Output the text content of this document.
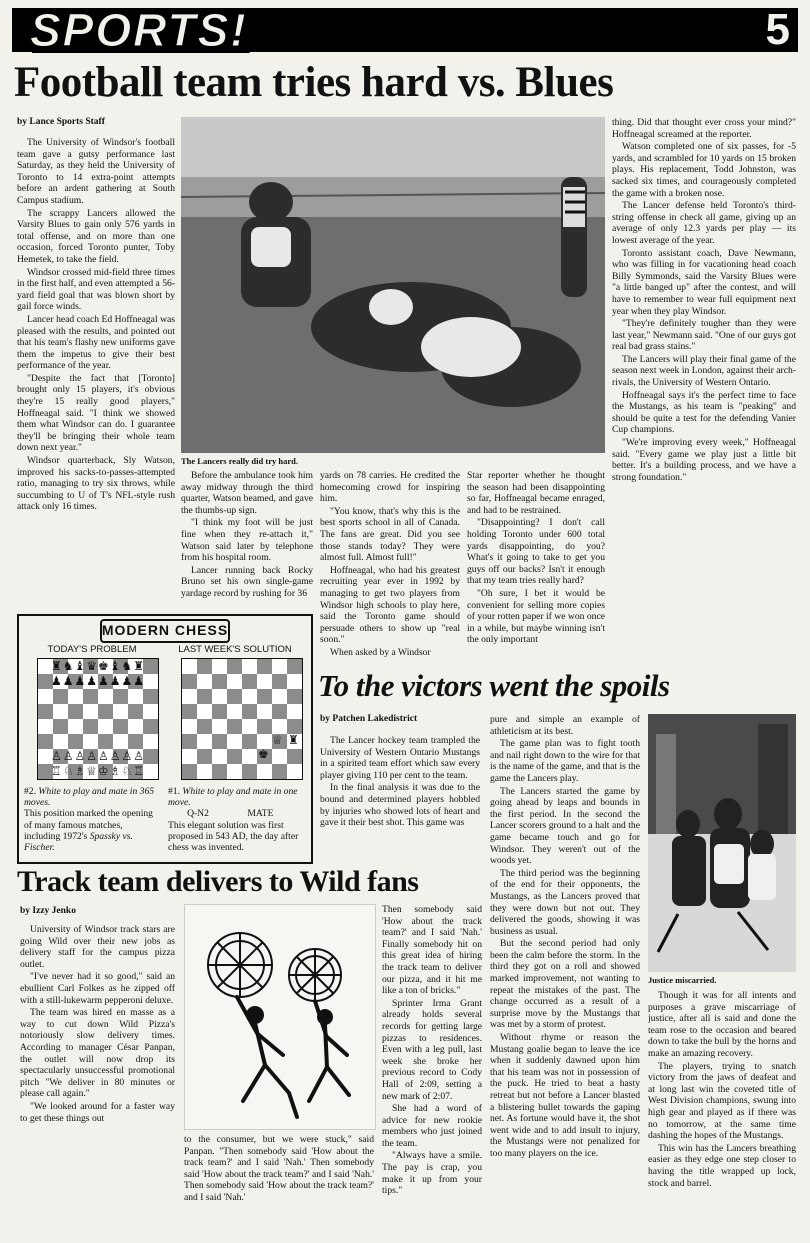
SPORTS!	5
Football team tries hard vs. Blues
by Lance Sports Staff

The University of Windsor's football team gave a gutsy performance last Saturday, as they held the University of Toronto to 14 extra-point attempts before an ardent gathering at South Campus stadium.

The scrappy Lancers allowed the Varsity Blues to gain only 576 yards in total offense, and on more than one occasion, forced Toronto punter, Toby Hemetek, to take the field.

Windsor crossed mid-field three times in the first half, and even attempted a 56-yard field goal that was blown short by gail force winds.

Lancer head coach Ed Hoffneagal was pleased with the results, and pointed out that his team's flashy new uniforms gave them the impetus to give their best performance of the year.

"Despite the fact that [Toronto] brought only 15 players, it's obvious they're 15 really good players," Hoffneagal said. "I think we showed them what Windsor can do. I guarantee they'll be bringing their whole team down next year."

Windsor quarterback, Sly Watson, improved his sacks-to-passes-attempted ratio, managing to try six throws, while succumbing to U of T's NFL-style rush attack only 16 times.

The Lancers really did try hard.

Before the ambulance took him away midway through the third quarter, Watson beamed, and gave the thumbs-up sign.

"I think my foot will be just fine when they re-attach it," Watson said later by telephone from his hospital room.

Lancer running back Rocky Bruno set his own single-game yardage record by rushing for 36

yards on 78 carries. He credited the homecoming crowd for inspiring him.

"You know, that's why this is the best sports school in all of Canada. The fans are great. Did you see those stands today? They were almost full. Almost full!"

Hoffneagal, who had his greatest recruiting year ever in 1992 by managing to get two players from Windsor high schools to play here, said the Toronto game should persuade others to show up "real soon."

When asked by a Windsor

Star reporter whether he thought the season had been disappointing so far, Hoffneagal became enraged, and had to be restrained.

"Disappointing? I don't call holding Toronto under 600 total yards disappointing, do you? What's it going to take to get you guys off our backs? Isn't it enough that my team tries really hard?

"Oh sure, I bet it would be convenient for selling more copies of your rotten paper if we won once in a while, but maybe winning isn't the only important

thing. Did that thought ever cross your mind?" Hoffneagal screamed at the reporter.

Watson completed one of six passes, for -5 yards, and scrambled for 10 yards on 15 broken plays. His replacement, Todd Johnston, was sacked six times, and courageously completed the game with a broken nose.

The Lancer defense held Toronto's third-string offense in check all game, giving up an average of only 12.3 yards per play — its lowest average of the year.

Toronto assistant coach, Dave Newmann, who was filling in for vacationing head coach Billy Symmonds, said the Varsity Blues were "a little banged up" after the contest, and will have to remember to wear full equipment next year when they play Windsor.

"They're definitely tougher than they were last year," Newmann said. "One of our guys got real bad grass stains."

The Lancers will play their final game of the season next week in London, against their arch-rivals, the University of Western Ontario.

Hoffneagal says it's the perfect time to face the Mustangs, as his team is "peaking" and should be quite a test for the defending Vanier Cup champions.

"We're improving every week," Hoffneagal said. "Every game we play just a little bit better. It's a building process, and we have a strong foundation."

MODERN CHESS
TODAY'S PROBLEM	LAST WEEK'S SOLUTION
♜♞♝♛♚♝♞♜
♟♟♟♟♟♟♟♟
♙♙♙♙♙♙♙♙
♖♘♗♕♔♗♘♖
♕ ♜
♚
#2. White to play and mate in 365 moves.
This position marked the opening of many famous matches, including 1972's Spassky vs. Fischer.
#1. White to play and mate in one move.
Q-N2	MATE
This elegant solution was first proposed in 543 AD, the day after chess was invented.
To the victors went the spoils
by Patchen Lakedistrict

The Lancer hockey team trampled the University of Western Ontario Mustangs in a spirited team effort which saw every player giving 110 per cent to the team.

In the final analysis it was due to the bound and determined players hobbled by injuries who showed lots of heart and gave it their best shot. This game was

pure and simple an example of athleticism at its best.

The game plan was to fight tooth and nail right down to the wire for that is the name of the game, and that is the game the Lancers play.

The Lancers started the game by going ahead by leaps and bounds in the first period. In the second the Lancer scorers ground to a halt and the game became touch and go for Windsor. They weren't out of the woods yet.

The third period was the beginning of the end for their opponents, the Mustangs, as the Lancers proved that they were down but not out. They delivered the goods, showing it was business as usual.

But the second period had only been the calm before the storm. In the third they got on a roll and showed marked improvement, not wanting to repeat the mistakes of the past. The change occurred as a result of a surprise move by the Mustangs that was met by a storm of protest.

Without rhyme or reason the Mustang goalie began to leave the ice when it suddenly dawned upon him that his team was not in possession of the puck. He tried to beat a hasty retreat but not before a Lancer blasted a blistering bullet towards the gaping net. As fortune would have it, the shot went wide and to add insult to injury, the Mustangs were not penalized for too many players on the ice.

Justice miscarried.

Though it was for all intents and purposes a grave miscarriage of justice, after all is said and done the team rose to the occasion and beared down to take the bull by the horns and make an amazing recovery.

The players, trying to snatch victory from the jaws of deafeat and at long last win the coveted title of West Division champions, swung into high gear and played as if there was no tomorrow, at the same time dashing the hopes of the Mustangs.

This win has the Lancers breathing easier as they edge one step closer to having the title wrapped up lock, stock and barrel.

Track team delivers to Wild fans
by Izzy Jenko

University of Windsor track stars are going Wild over their new jobs as delivery staff for the campus pizza outlet.

"I've never had it so good," said an ebullient Carl Folkes as he zipped off with a still-lukewarm pepperoni deluxe.

The team was hired en masse as a way to cut down Wild Pizza's notoriously slow delivery times. According to manager César Panpan, the outlet will now drop its spectacularly unsuccessful promotional pitch "We deliver in 80 minutes or please call again."

"We looked around for a faster way to get these things out

to the consumer, but we were stuck," said Panpan. "Then somebody said 'How about the track team?' and I said 'Nah.' Then somebody said 'How about the track team?' and I said 'Nah.' Then somebody said 'How about the track team?' and I said 'Nah.'

Then somebody said 'How about the track team?' and I said 'Nah.' Finally somebody hit on this great idea of hiring the track team to deliver our pizza, and it hit me like a ton of bricks."

Sprinter Irma Grant already holds several records for getting large pizzas to residences. Even with a leg pull, last week she broke her previous record to Cody Hall of 2:09, setting a new mark of 2:07.

She had a word of advice for new rookie members who just joined the team.

"Always have a smile. The pay is crap, you make it up from your tips."
